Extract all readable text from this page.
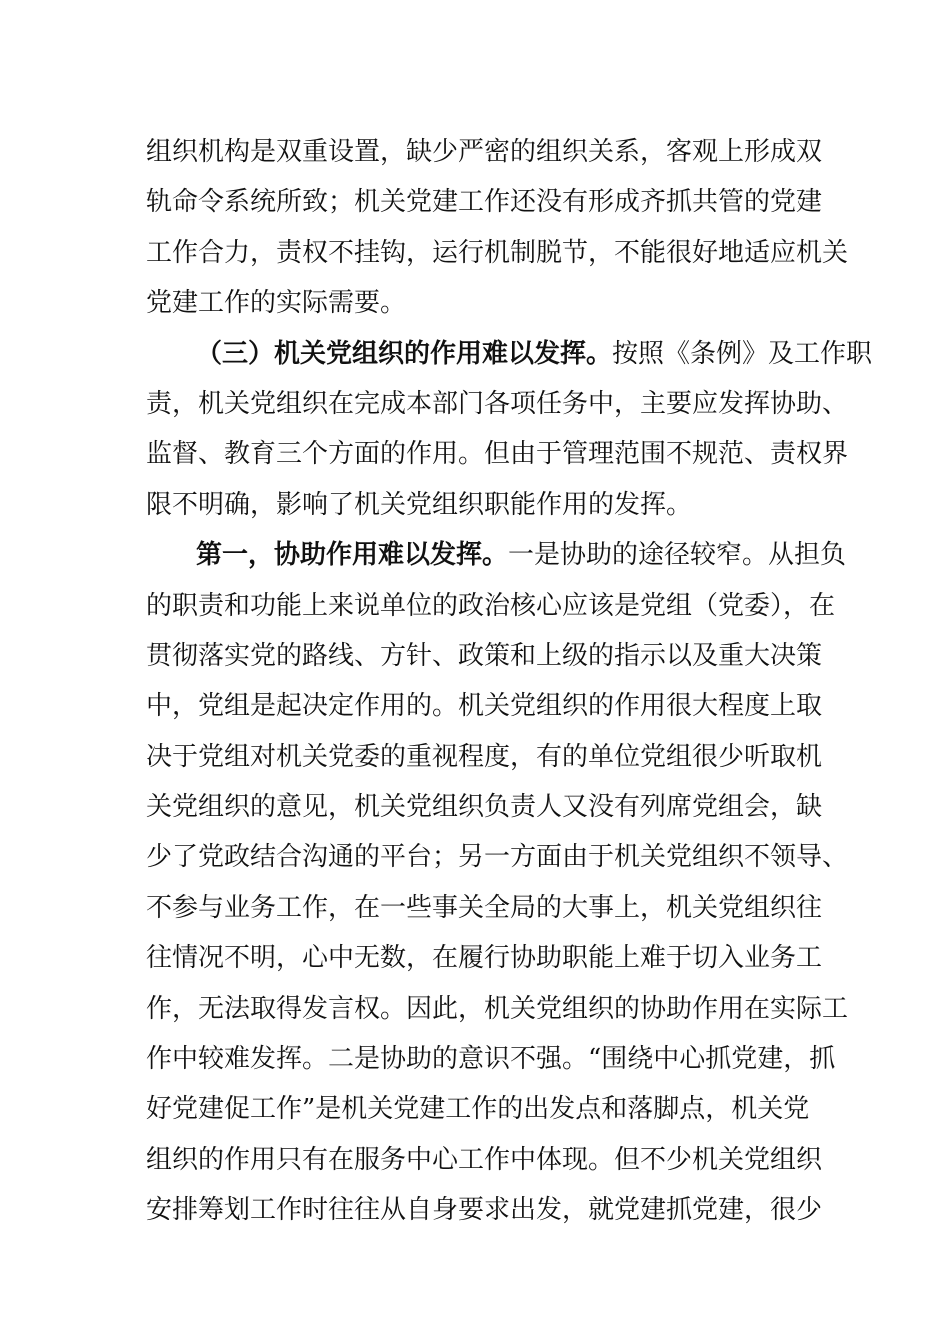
组织机构是双重设置，缺少严密的组织关系，客观上形成双
轨命令系统所致；机关党建工作还没有形成齐抓共管的党建
工作合力，责权不挂钩，运行机制脱节，不能很好地适应机关
党建工作的实际需要。
（三）机关党组织的作用难以发挥。按照《条例》及工作职
责，机关党组织在完成本部门各项任务中，主要应发挥协助、
监督、教育三个方面的作用。但由于管理范围不规范、责权界
限不明确，影响了机关党组织职能作用的发挥。
第一，协助作用难以发挥。一是协助的途径较窄。从担负
的职责和功能上来说单位的政治核心应该是党组（党委），在
贯彻落实党的路线、方针、政策和上级的指示以及重大决策
中，党组是起决定作用的。机关党组织的作用很大程度上取
决于党组对机关党委的重视程度，有的单位党组很少听取机
关党组织的意见，机关党组织负责人又没有列席党组会，缺
少了党政结合沟通的平台；另一方面由于机关党组织不领导、
不参与业务工作，在一些事关全局的大事上，机关党组织往
往情况不明，心中无数，在履行协助职能上难于切入业务工
作，无法取得发言权。因此，机关党组织的协助作用在实际工
作中较难发挥。二是协助的意识不强。“围绕中心抓党建，抓
好党建促工作”是机关党建工作的出发点和落脚点，机关党
组织的作用只有在服务中心工作中体现。但不少机关党组织
安排筹划工作时往往从自身要求出发，就党建抓党建，很少
